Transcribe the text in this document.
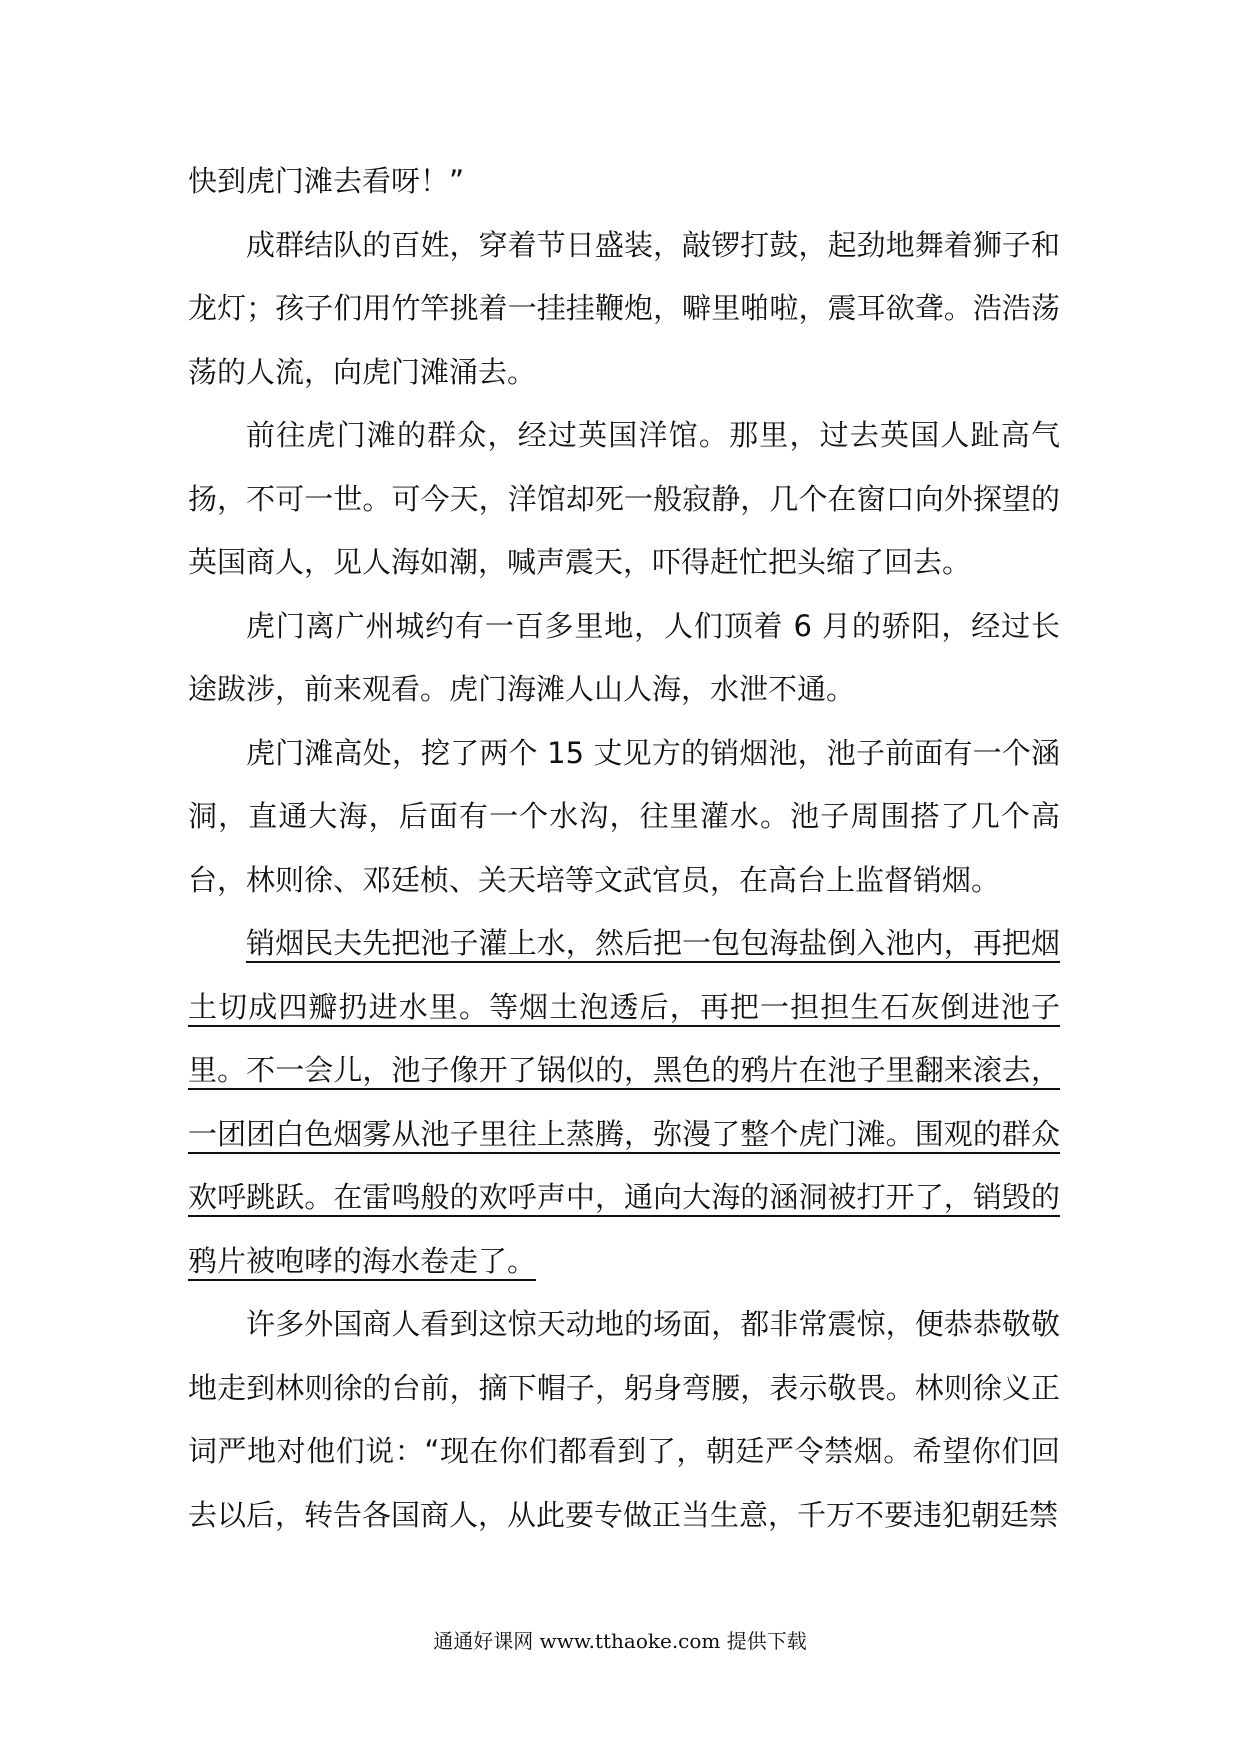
快到虎门滩去看呀！”

成群结队的百姓，穿着节日盛装，敲锣打鼓，起劲地舞着狮子和龙灯；孩子们用竹竿挑着一挂挂鞭炮，噼里啪啦，震耳欲聋。浩浩荡荡的人流，向虎门滩涌去。

前往虎门滩的群众，经过英国洋馆。那里，过去英国人趾高气扬，不可一世。可今天，洋馆却死一般寂静，几个在窗口向外探望的英国商人，见人海如潮，喊声震天，吓得赶忙把头缩了回去。

虎门离广州城约有一百多里地，人们顶着 6 月的骄阳，经过长途跋涉，前来观看。虎门海滩人山人海，水泄不通。

虎门滩高处，挖了两个 15 丈见方的销烟池，池子前面有一个涵洞，直通大海，后面有一个水沟，往里灌水。池子周围搭了几个高台，林则徐、邓廷桢、关天培等文武官员，在高台上监督销烟。

销烟民夫先把池子灌上水，然后把一包包海盐倒入池内，再把烟土切成四瓣扔进水里。等烟土泡透后，再把一担担生石灰倒进池子里。不一会儿，池子像开了锅似的，黑色的鸦片在池子里翻来滚去，一团团白色烟雾从池子里往上蒸腾，弥漫了整个虎门滩。围观的群众欢呼跳跃。在雷鸣般的欢呼声中，通向大海的涵洞被打开了，销毁的鸦片被咆哮的海水卷走了。

许多外国商人看到这惊天动地的场面，都非常震惊，便恭恭敬敬地走到林则徐的台前，摘下帽子，躬身弯腰，表示敬畏。林则徐义正词严地对他们说：“现在你们都看到了，朝廷严令禁烟。希望你们回去以后，转告各国商人，从此要专做正当生意，千万不要违犯朝廷禁

通通好课网 www.tthaoke.com 提供下载
